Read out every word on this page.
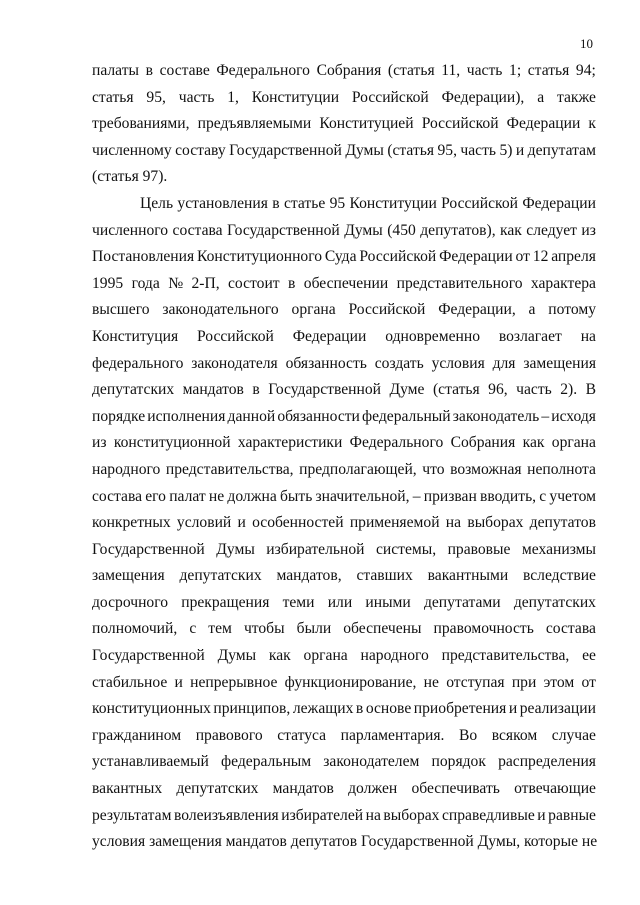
10
палаты в составе Федерального Собрания (статья 11, часть 1; статья 94;
статья 95, часть 1, Конституции Российской Федерации), а также
требованиями, предъявляемыми Конституцией Российской Федерации к
численному составу Государственной Думы (статья 95, часть 5) и депутатам
(статья 97).
Цель установления в статье 95 Конституции Российской Федерации
численного состава Государственной Думы (450 депутатов), как следует из
Постановления Конституционного Суда Российской Федерации от 12 апреля
1995 года № 2-П, состоит в обеспечении представительного характера
высшего законодательного органа Российской Федерации, а потому
Конституция Российской Федерации одновременно возлагает на
федерального законодателя обязанность создать условия для замещения
депутатских мандатов в Государственной Думе (статья 96, часть 2). В
порядке исполнения данной обязанности федеральный законодатель – исходя
из конституционной характеристики Федерального Собрания как органа
народного представительства, предполагающей, что возможная неполнота
состава его палат не должна быть значительной, – призван вводить, с учетом
конкретных условий и особенностей применяемой на выборах депутатов
Государственной Думы избирательной системы, правовые механизмы
замещения депутатских мандатов, ставших вакантными вследствие
досрочного прекращения теми или иными депутатами депутатских
полномочий, с тем чтобы были обеспечены правомочность состава
Государственной Думы как органа народного представительства, ее
стабильное и непрерывное функционирование, не отступая при этом от
конституционных принципов, лежащих в основе приобретения и реализации
гражданином правового статуса парламентария. Во всяком случае
устанавливаемый федеральным законодателем порядок распределения
вакантных депутатских мандатов должен обеспечивать отвечающие
результатам волеизъявления избирателей на выборах справедливые и равные
условия замещения мандатов депутатов Государственной Думы, которые не
